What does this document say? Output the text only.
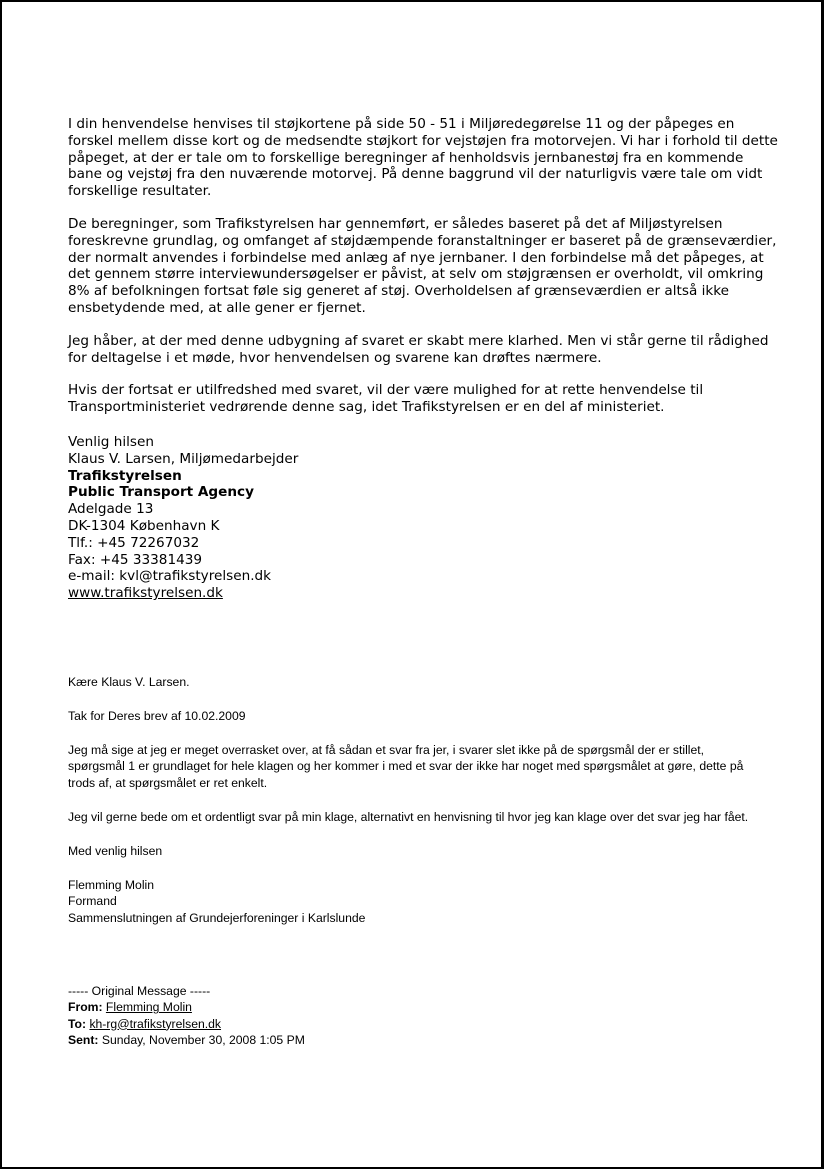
I din henvendelse henvises til støjkortene på side 50 - 51 i Miljøredegørelse 11 og der påpeges en forskel mellem disse kort og de medsendte støjkort for vejstøjen fra motorvejen. Vi har i forhold til dette påpeget, at der er tale om to forskellige beregninger af henholdsvis jernbanestøj fra en kommende bane og vejstøj fra den nuværende motorvej. På denne baggrund vil der naturligvis være tale om vidt forskellige resultater.

De beregninger, som Trafikstyrelsen har gennemført, er således baseret på det af Miljøstyrelsen foreskrevne grundlag, og omfanget af støjdæmpende foranstaltninger er baseret på de grænseværdier, der normalt anvendes i forbindelse med anlæg af nye jernbaner. I den forbindelse må det påpeges, at det gennem større interviewundersøgelser er påvist, at selv om støjgrænsen er overholdt, vil omkring 8% af befolkningen fortsat føle sig generet af støj. Overholdelsen af grænseværdien er altså ikke ensbetydende med, at alle gener er fjernet.

Jeg håber, at der med denne udbygning af svaret er skabt mere klarhed. Men vi står gerne til rådighed for deltagelse i et møde, hvor henvendelsen og svarene kan drøftes nærmere.

Hvis der fortsat er utilfredshed med svaret, vil der være mulighed for at rette henvendelse til Transportministeriet vedrørende denne sag, idet Trafikstyrelsen er en del af ministeriet.

Venlig hilsen
Klaus V. Larsen, Miljømedarbejder
Trafikstyrelsen
Public Transport Agency
Adelgade 13
DK-1304 København K
Tlf.: +45 72267032
Fax: +45 33381439
e-mail: kvl@trafikstyrelsen.dk
www.trafikstyrelsen.dk

Kære Klaus V. Larsen.

Tak for Deres brev af 10.02.2009

Jeg må sige at jeg er meget overrasket over, at få sådan et svar fra jer, i svarer slet ikke på de spørgsmål der er stillet, spørgsmål 1 er grundlaget for hele klagen og her kommer i med et svar der ikke har noget med spørgsmålet at gøre, dette på trods af, at spørgsmålet er ret enkelt.

Jeg vil gerne bede om et ordentligt svar på min klage, alternativt en henvisning til hvor jeg kan klage over det svar jeg har fået.

Med venlig hilsen

Flemming Molin
Formand
Sammenslutningen af Grundejerforeninger i Karlslunde
----- Original Message -----
From: Flemming Molin
To: kh-rg@trafikstyrelsen.dk
Sent: Sunday, November 30, 2008 1:05 PM
